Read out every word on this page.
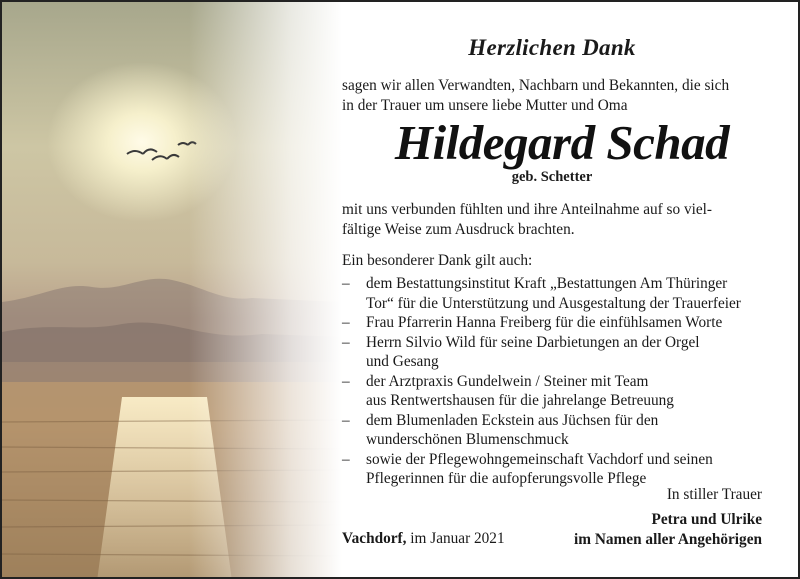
Herzlichen Dank
sagen wir allen Verwandten, Nachbarn und Bekannten, die sich
in der Trauer um unsere liebe Mutter und Oma
Hildegard Schad
geb. Schetter
mit uns verbunden fühlten und ihre Anteilnahme auf so viel-
fältige Weise zum Ausdruck brachten.
Ein besonderer Dank gilt auch:
– dem Bestattungsinstitut Kraft „Bestattungen Am Thüringer
Tor“ für die Unterstützung und Ausgestaltung der Trauerfeier
– Frau Pfarrerin Hanna Freiberg für die einfühlsamen Worte
– Herrn Silvio Wild für seine Darbietungen an der Orgel
und Gesang
– der Arztpraxis Gundelwein / Steiner mit Team
aus Rentwertshausen für die jahrelange Betreuung
– dem Blumenladen Eckstein aus Jüchsen für den
wunderschönen Blumenschmuck
– sowie der Pflegewohngemeinschaft Vachdorf und seinen
Pflegerinnen für die aufopferungsvolle Pflege
In stiller Trauer
Vachdorf, im Januar 2021
Petra und Ulrike
im Namen aller Angehörigen
